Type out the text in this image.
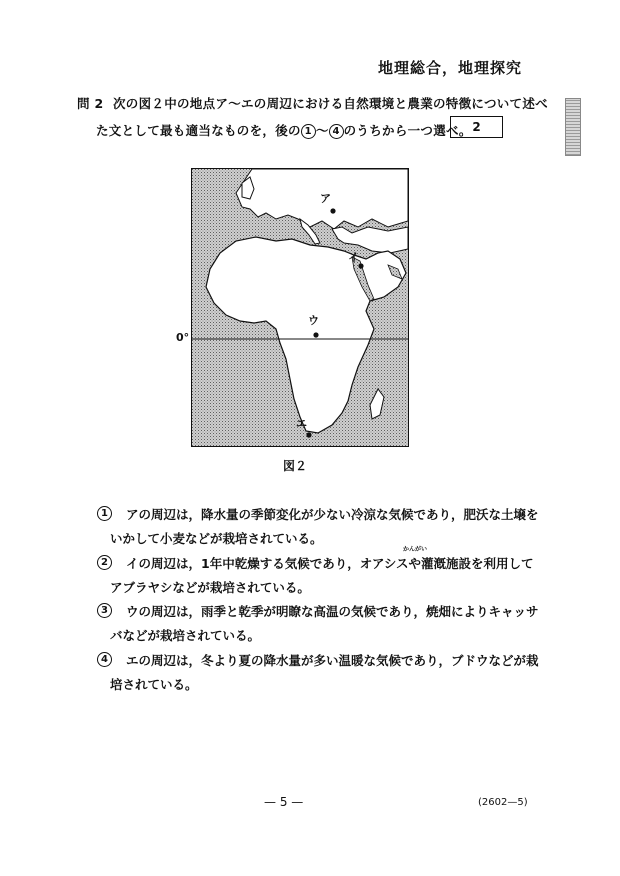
地理総合，地理探究
問 2 次の図２中の地点ア～エの周辺における自然環境と農業の特徴について述べ
た文として最も適当なものを，後の 1 ～ 4 のうちから一つ選べ。 2
ア
イ
ウ
エ
0°
図２
1	アの周辺は，降水量の季節変化が少ない冷涼な気候であり，肥沃な土壌を
いかして小麦などが栽培されている。
かんがい
2	イの周辺は，1年中乾燥する気候であり，オアシスや灌漑施設を利用して
アブラヤシなどが栽培されている。
3	ウの周辺は，雨季と乾季が明瞭な高温の気候であり，焼畑によりキャッサ
バなどが栽培されている。
4	エの周辺は，冬より夏の降水量が多い温暖な気候であり，ブドウなどが栽
培されている。
— 5 —	(2602—5)
